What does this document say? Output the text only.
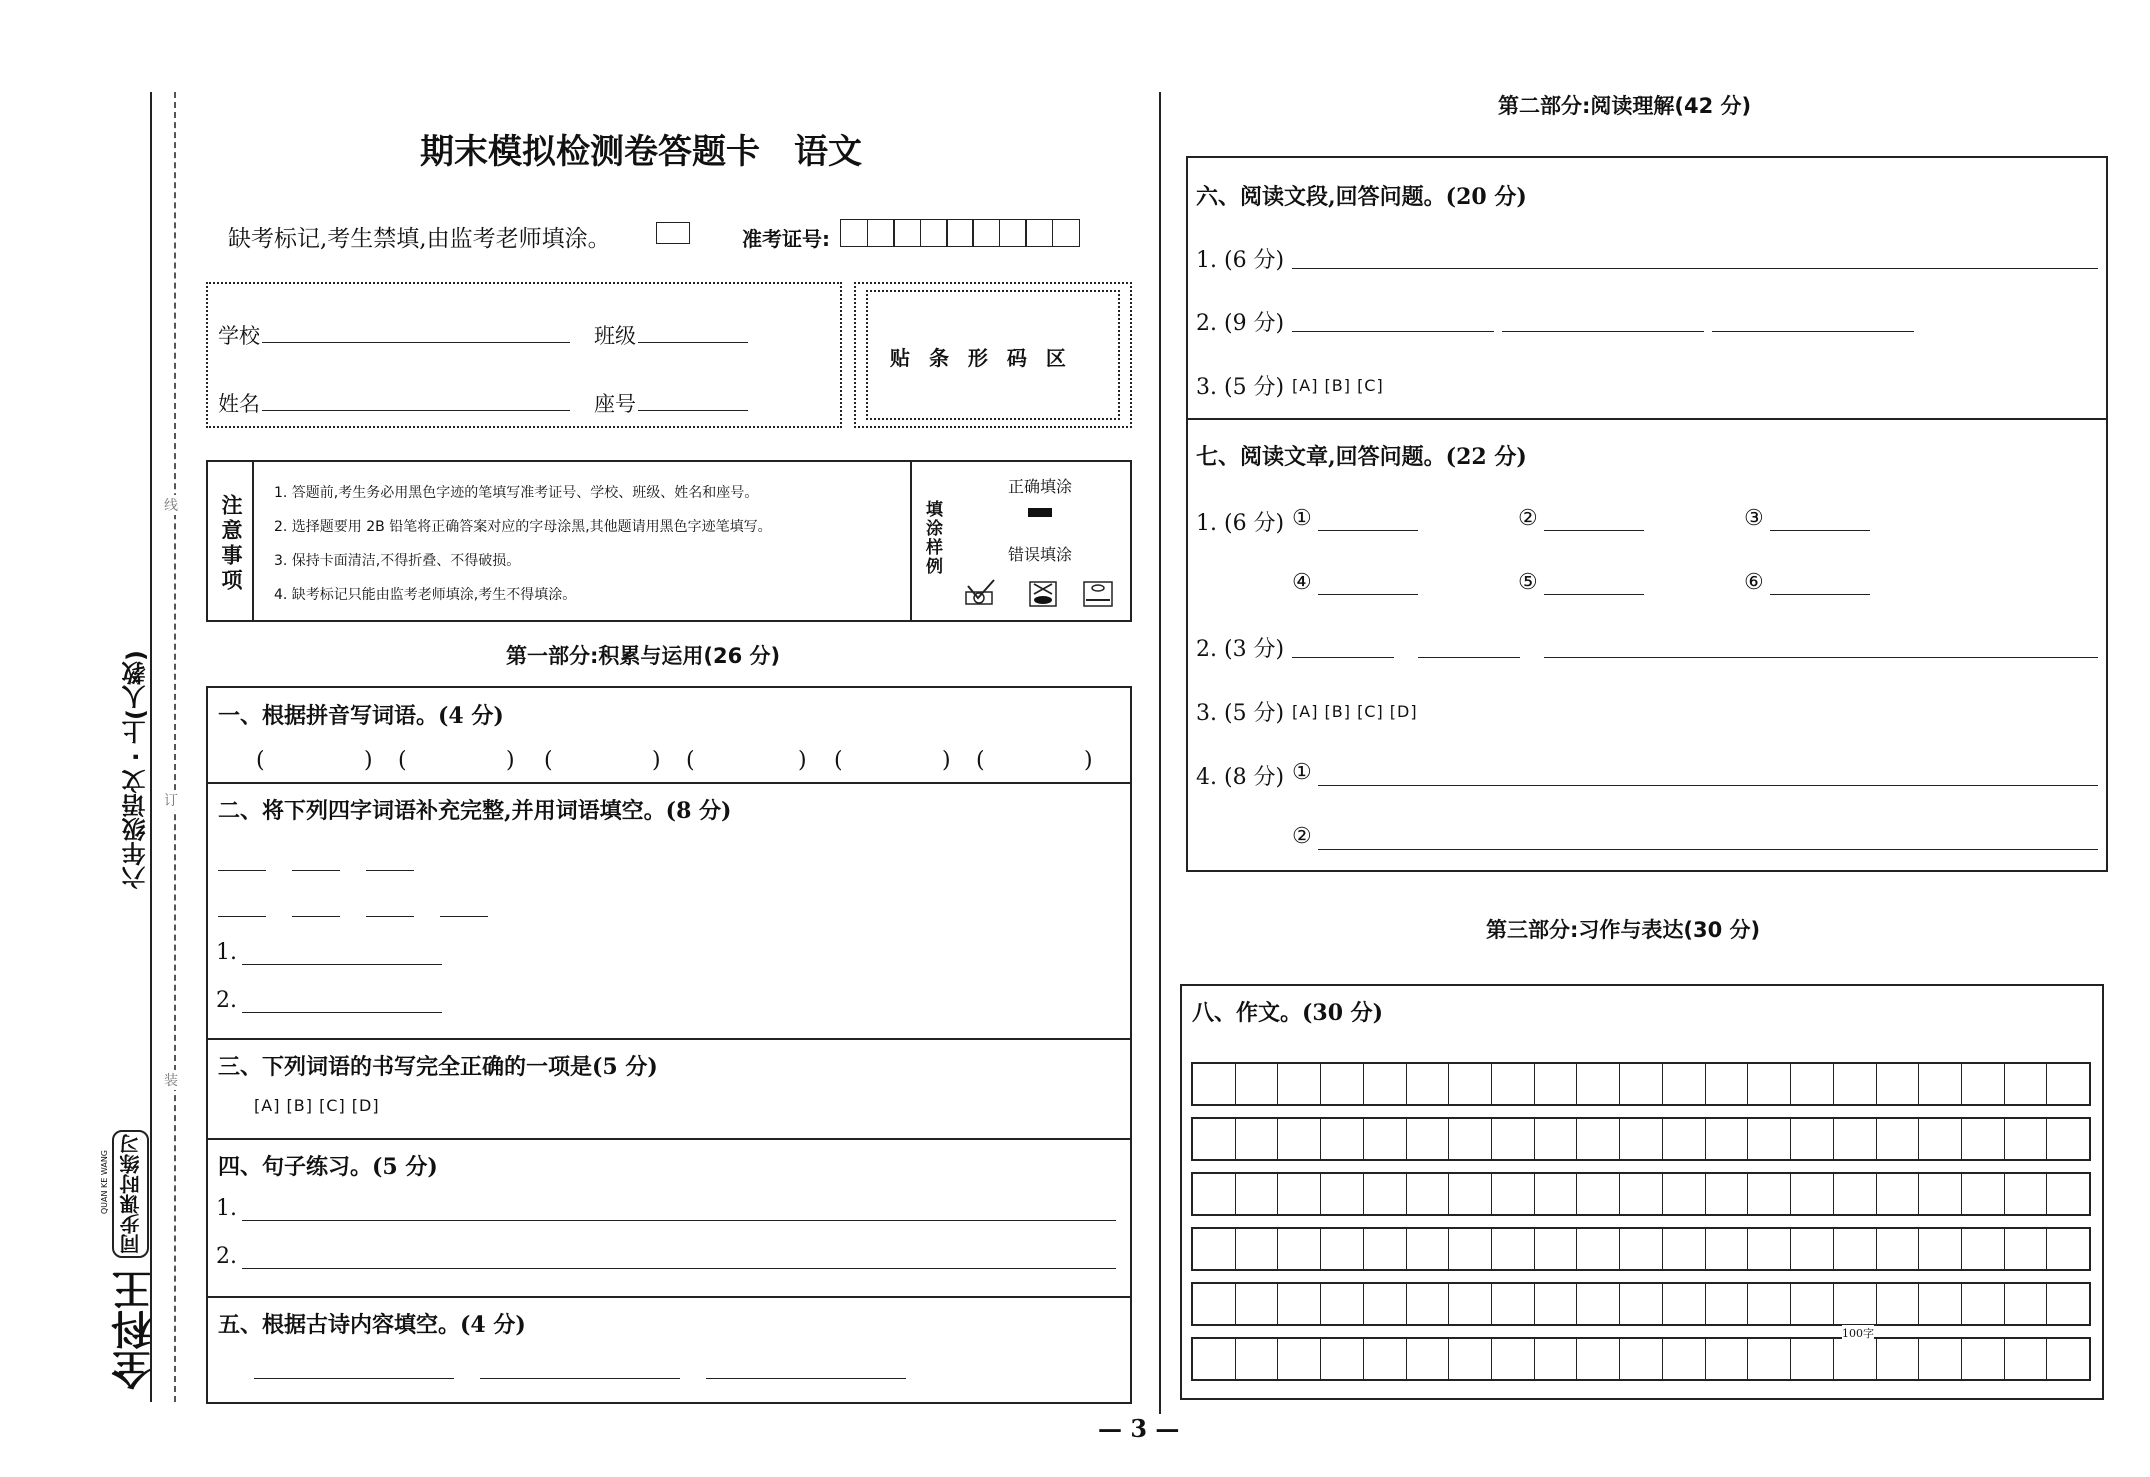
六年级语文 · 上(人教)
线
订
装
全科王
同步课时练习
QUAN KE WANG
期末模拟检测卷答题卡　语文
缺考标记,考生禁填,由监考老师填涂。	准考证号:
学校	班级
姓名	座号
贴 条 形 码 区
注意事项
1. 答题前,考生务必用黑色字迹的笔填写准考证号、学校、班级、姓名和座号。
2. 选择题要用 2B 铅笔将正确答案对应的字母涂黑,其他题请用黑色字迹笔填写。
3. 保持卡面清洁,不得折叠、不得破损。
4. 缺考标记只能由监考老师填涂,考生不得填涂。
填涂样例
正确填涂
错误填涂
第一部分:积累与运用(26 分)
一、根据拼音写词语。(4 分)
(	) (	) (	) (	) (	) (	)
二、将下列四字词语补充完整,并用词语填空。(8 分)
1.
2.
三、下列词语的书写完全正确的一项是(5 分)
[A] [B] [C] [D]
四、句子练习。(5 分)
1.
2.
五、根据古诗内容填空。(4 分)
第二部分:阅读理解(42 分)
六、阅读文段,回答问题。(20 分)
1. (6 分)
2. (9 分)
3. (5 分) [A] [B] [C]
七、阅读文章,回答问题。(22 分)
1. (6 分) ①	②	③
④	⑤	⑥
2. (3 分)
3. (5 分) [A] [B] [C] [D]
4. (8 分) ①
②
第三部分:习作与表达(30 分)
八、作文。(30 分)
100字
— 3 —
